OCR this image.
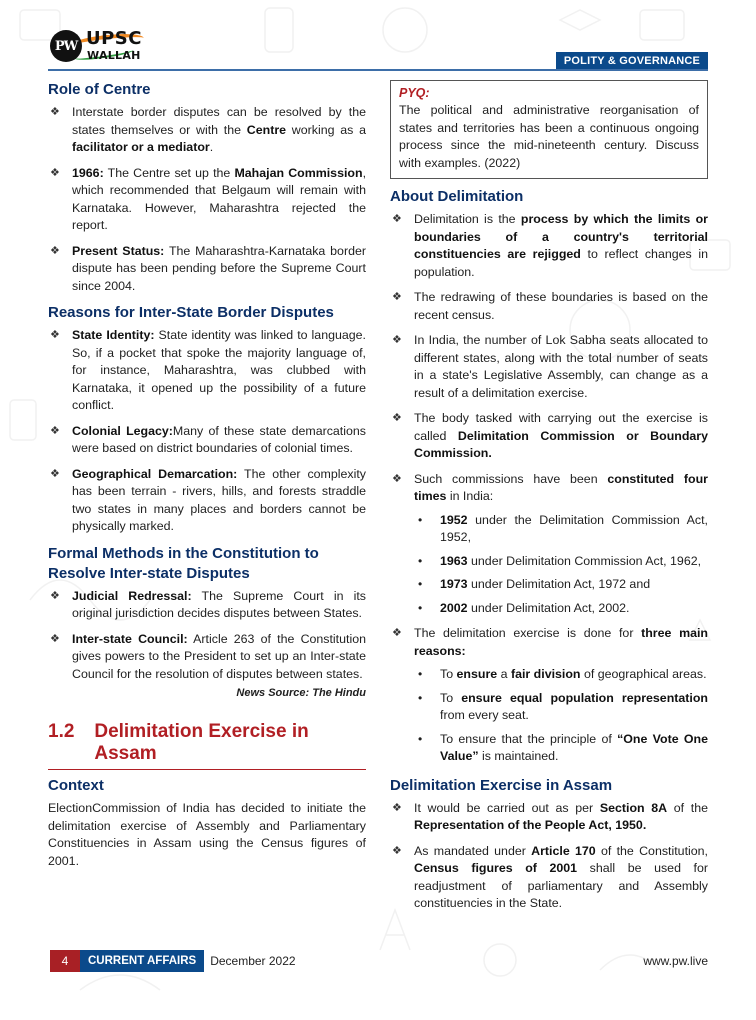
PW UPSC
WALLAH	POLITY & GOVERNANCE
Role of Centre
❖ Interstate border disputes can be resolved by the states themselves or with the Centre working as a facilitator or a mediator.
❖ 1966: The Centre set up the Mahajan Commission, which recommended that Belgaum will remain with Karnataka. However, Maharashtra rejected the report.
❖ Present Status: The Maharashtra-Karnataka border dispute has been pending before the Supreme Court since 2004.
Reasons for Inter-State Border Disputes
❖ State Identity: State identity was linked to language. So, if a pocket that spoke the majority language of, for instance, Maharashtra, was clubbed with Karnataka, it opened up the possibility of a future conflict.
❖ Colonial Legacy:Many of these state demarcations were based on district boundaries of colonial times.
❖ Geographical Demarcation: The other complexity has been terrain - rivers, hills, and forests straddle two states in many places and borders cannot be physically marked.
Formal Methods in the Constitution to Resolve Inter-state Disputes
❖ Judicial Redressal: The Supreme Court in its original jurisdiction decides disputes between States.
❖ Inter-state Council: Article 263 of the Constitution gives powers to the President to set up an Inter-state Council for the resolution of disputes between states.
News Source: The Hindu
1.2	Delimitation Exercise in Assam
Context

ElectionCommission of India has decided to initiate the delimitation exercise of Assembly and Parliamentary Constituencies in Assam using the Census figures of 2001.

PYQ:
The political and administrative reorganisation of states and territories has been a continuous ongoing process since the mid-nineteenth century. Discuss with examples. (2022)
About Delimitation
❖ Delimitation is the process by which the limits or boundaries of a country's territorial constituencies are rejigged to reflect changes in population.
❖ The redrawing of these boundaries is based on the recent census.
❖ In India, the number of Lok Sabha seats allocated to different states, along with the total number of seats in a state's Legislative Assembly, can change as a result of a delimitation exercise.
❖ The body tasked with carrying out the exercise is called Delimitation Commission or Boundary Commission.
❖ Such commissions have been constituted four times in India:
• 1952 under the Delimitation Commission Act, 1952,
• 1963 under Delimitation Commission Act, 1962,
• 1973 under Delimitation Act, 1972 and
• 2002 under Delimitation Act, 2002.
❖ The delimitation exercise is done for three main reasons:
• To ensure a fair division of geographical areas.
• To ensure equal population representation from every seat.
• To ensure that the principle of “One Vote One Value” is maintained.
Delimitation Exercise in Assam
❖ It would be carried out as per Section 8A of the Representation of the People Act, 1950.
❖ As mandated under Article 170 of the Constitution, Census figures of 2001 shall be used for readjustment of parliamentary and Assembly constituencies in the State.
4	CURRENT AFFAIRS	December 2022	www.pw.live
